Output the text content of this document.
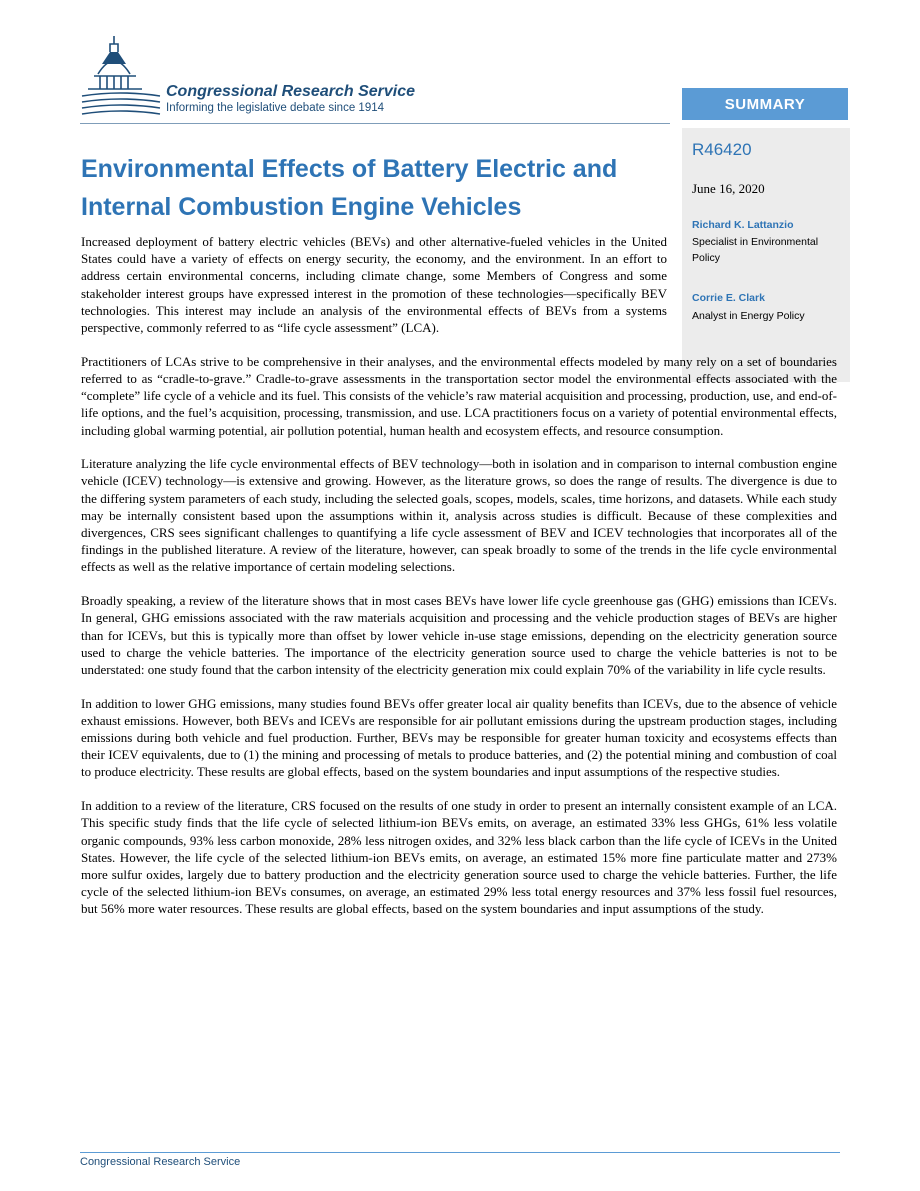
Congressional Research Service
Informing the legislative debate since 1914	SUMMARY
R46420
June 16, 2020
Richard K. Lattanzio
Specialist in Environmental Policy
Corrie E. Clark
Analyst in Energy Policy
Environmental Effects of Battery Electric and Internal Combustion Engine Vehicles

Increased deployment of battery electric vehicles (BEVs) and other alternative-fueled vehicles in the United States could have a variety of effects on energy security, the economy, and the environment. In an effort to address certain environmental concerns, including climate change, some Members of Congress and some stakeholder interest groups have expressed interest in the promotion of these technologies—specifically BEV technologies. This interest may include an analysis of the environmental effects of BEVs from a systems perspective, commonly referred to as “life cycle assessment” (LCA).

Practitioners of LCAs strive to be comprehensive in their analyses, and the environmental effects modeled by many rely on a set of boundaries referred to as “cradle-to-grave.” Cradle-to-grave assessments in the transportation sector model the environmental effects associated with the “complete” life cycle of a vehicle and its fuel. This consists of the vehicle’s raw material acquisition and processing, production, use, and end-of-life options, and the fuel’s acquisition, processing, transmission, and use. LCA practitioners focus on a variety of potential environmental effects, including global warming potential, air pollution potential, human health and ecosystem effects, and resource consumption.

Literature analyzing the life cycle environmental effects of BEV technology—both in isolation and in comparison to internal combustion engine vehicle (ICEV) technology—is extensive and growing. However, as the literature grows, so does the range of results. The divergence is due to the differing system parameters of each study, including the selected goals, scopes, models, scales, time horizons, and datasets. While each study may be internally consistent based upon the assumptions within it, analysis across studies is difficult. Because of these complexities and divergences, CRS sees significant challenges to quantifying a life cycle assessment of BEV and ICEV technologies that incorporates all of the findings in the published literature. A review of the literature, however, can speak broadly to some of the trends in the life cycle environmental effects as well as the relative importance of certain modeling selections.

Broadly speaking, a review of the literature shows that in most cases BEVs have lower life cycle greenhouse gas (GHG) emissions than ICEVs. In general, GHG emissions associated with the raw materials acquisition and processing and the vehicle production stages of BEVs are higher than for ICEVs, but this is typically more than offset by lower vehicle in-use stage emissions, depending on the electricity generation source used to charge the vehicle batteries. The importance of the electricity generation source used to charge the vehicle batteries is not to be understated: one study found that the carbon intensity of the electricity generation mix could explain 70% of the variability in life cycle results.

In addition to lower GHG emissions, many studies found BEVs offer greater local air quality benefits than ICEVs, due to the absence of vehicle exhaust emissions. However, both BEVs and ICEVs are responsible for air pollutant emissions during the upstream production stages, including emissions during both vehicle and fuel production. Further, BEVs may be responsible for greater human toxicity and ecosystems effects than their ICEV equivalents, due to (1) the mining and processing of metals to produce batteries, and (2) the potential mining and combustion of coal to produce electricity. These results are global effects, based on the system boundaries and input assumptions of the respective studies.

In addition to a review of the literature, CRS focused on the results of one study in order to present an internally consistent example of an LCA. This specific study finds that the life cycle of selected lithium-ion BEVs emits, on average, an estimated 33% less GHGs, 61% less volatile organic compounds, 93% less carbon monoxide, 28% less nitrogen oxides, and 32% less black carbon than the life cycle of ICEVs in the United States. However, the life cycle of the selected lithium-ion BEVs emits, on average, an estimated 15% more fine particulate matter and 273% more sulfur oxides, largely due to battery production and the electricity generation source used to charge the vehicle batteries. Further, the life cycle of the selected lithium-ion BEVs consumes, on average, an estimated 29% less total energy resources and 37% less fossil fuel resources, but 56% more water resources. These results are global effects, based on the system boundaries and input assumptions of the study.

Congressional Research Service
